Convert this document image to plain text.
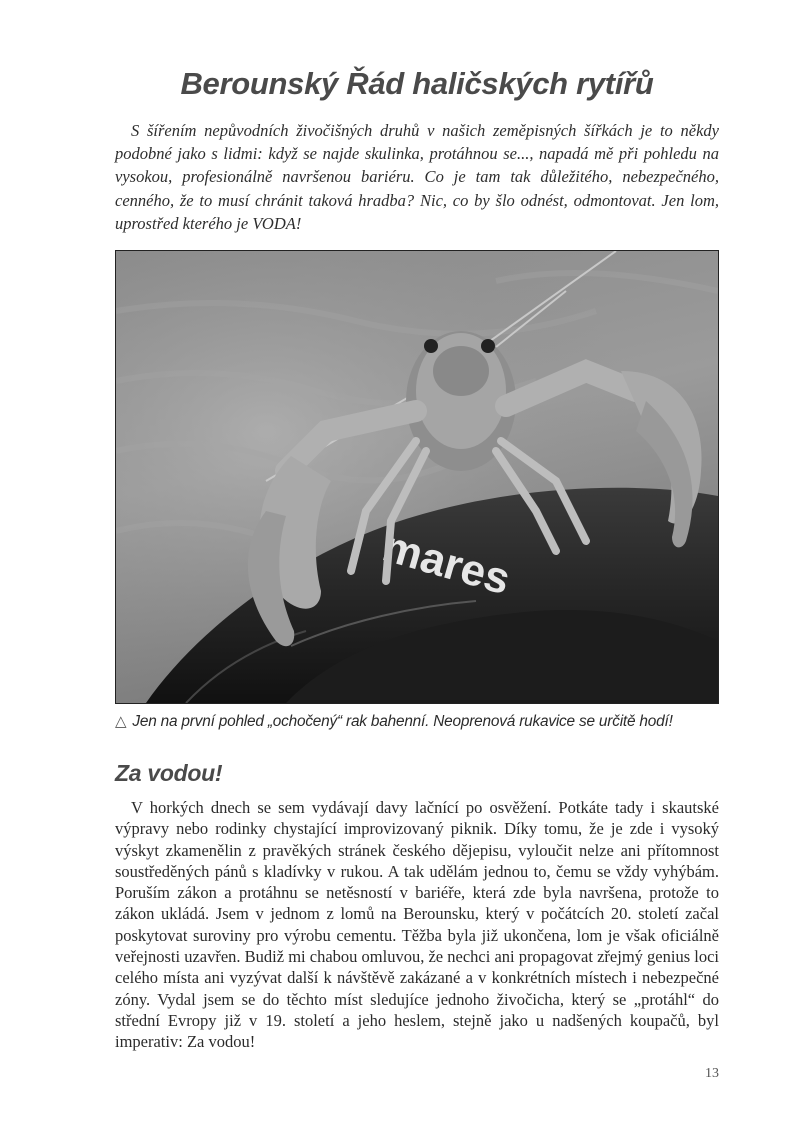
Berounský Řád haličských rytířů

S šířením nepůvodních živočišných druhů v našich zeměpisných šířkách je to někdy podobné jako s lidmi: když se najde skulinka, protáhnou se..., napadá mě při pohledu na vysokou, profesionálně navršenou bariéru. Co je tam tak důležitého, nebezpečného, cenného, že to musí chránit taková hradba? Nic, co by šlo odnést, odmontovat. Jen lom, uprostřed kterého je VODA!

mares
△ Jen na první pohled „ochočený“ rak bahenní. Neoprenová rukavice se určitě hodí!
Za vodou!

V horkých dnech se sem vydávají davy lačnící po osvěžení. Potkáte tady i skautské výpravy nebo rodinky chystající improvizovaný piknik. Díky tomu, že je zde i vysoký výskyt zkamenělin z pravěkých stránek českého dějepisu, vyloučit nelze ani přítomnost soustředěných pánů s kladívky v rukou. A tak udělám jednou to, čemu se vždy vyhýbám. Poruším zákon a protáhnu se netěsností v bariéře, která zde byla navršena, protože to zákon ukládá. Jsem v jednom z lomů na Berounsku, který v počátcích 20. století začal poskytovat suroviny pro výrobu cementu. Těžba byla již ukončena, lom je však oficiálně veřejnosti uzavřen. Budiž mi chabou omluvou, že nechci ani propagovat zřejmý genius loci celého místa ani vyzývat další k návštěvě zakázané a v konkrétních místech i nebezpečné zóny. Vydal jsem se do těchto míst sledujíce jednoho živočicha, který se „protáhl“ do střední Evropy již v 19. století a jeho heslem, stejně jako u nadšených koupačů, byl imperativ: Za vodou!

13
